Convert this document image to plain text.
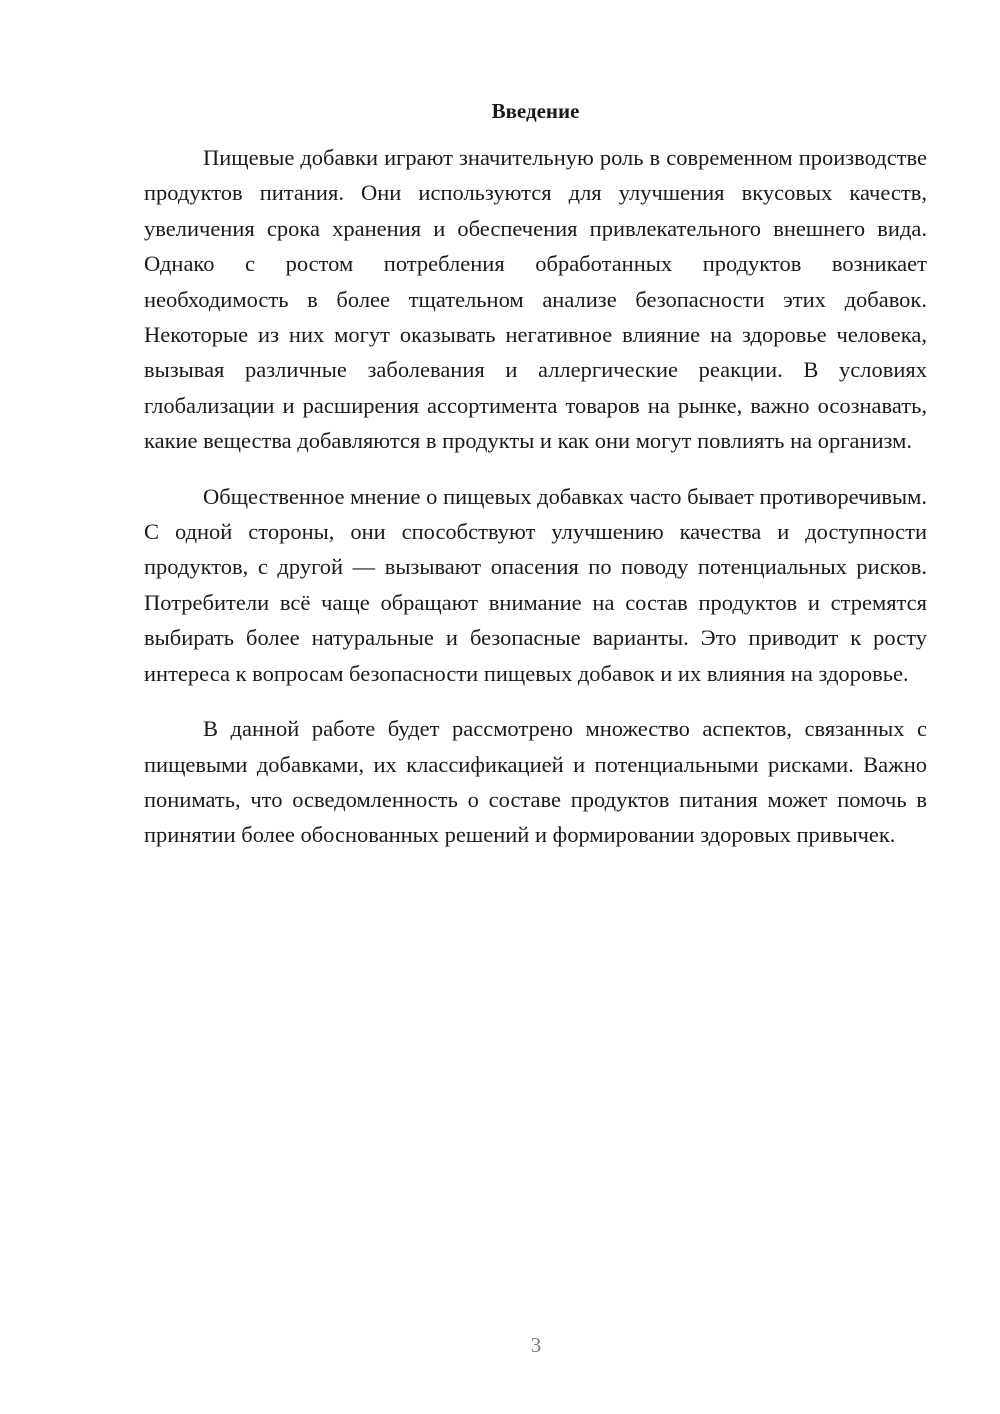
Введение

Пищевые добавки играют значительную роль в современном производстве продуктов питания. Они используются для улучшения вкусовых качеств, увеличения срока хранения и обеспечения привлекательного внешнего вида. Однако с ростом потребления обработанных продуктов возникает необходимость в более тщательном анализе безопасности этих добавок. Некоторые из них могут оказывать негативное влияние на здоровье человека, вызывая различные заболевания и аллергические реакции. В условиях глобализации и расширения ассортимента товаров на рынке, важно осознавать, какие вещества добавляются в продукты и как они могут повлиять на организм.

Общественное мнение о пищевых добавках часто бывает противоречивым. С одной стороны, они способствуют улучшению качества и доступности продуктов, с другой — вызывают опасения по поводу потенциальных рисков. Потребители всё чаще обращают внимание на состав продуктов и стремятся выбирать более натуральные и безопасные варианты. Это приводит к росту интереса к вопросам безопасности пищевых добавок и их влияния на здоровье.

В данной работе будет рассмотрено множество аспектов, связанных с пищевыми добавками, их классификацией и потенциальными рисками. Важно понимать, что осведомленность о составе продуктов питания может помочь в принятии более обоснованных решений и формировании здоровых привычек.

3
